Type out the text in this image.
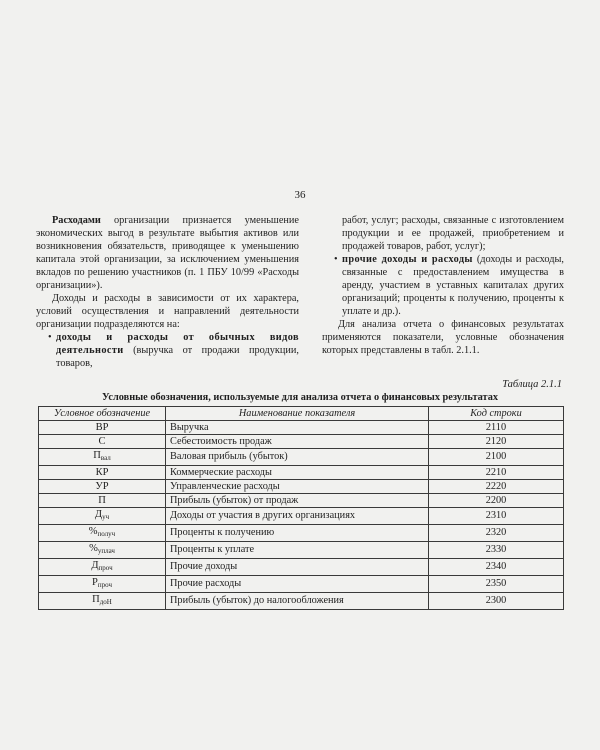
36

Расходами организации признается уменьшение экономических выгод в результате выбытия активов или возникновения обязательств, приводящее к уменьшению капитала этой организации, за исключением уменьшения вкладов по решению участников (п. 1 ПБУ 10/99 «Расходы организации»).

Доходы и расходы в зависимости от их характера, условий осуществления и направлений деятельности организации подразделяются на:

• доходы и расходы от обычных видов деятельности (выручка от продажи продукции, товаров,

работ, услуг; расходы, связанные с изготовлением продукции и ее продажей, приобретением и продажей товаров, работ, услуг);

• прочие доходы и расходы (доходы и расходы, связанные с предоставлением имущества в аренду, участием в уставных капиталах других организаций; проценты к получению, проценты к уплате и др.).

Для анализа отчета о финансовых результатах применяются показатели, условные обозначения которых представлены в табл. 2.1.1.

Таблица 2.1.1
Условные обозначения, используемые для анализа отчета о финансовых результатах
Условное обозначение	Наименование показателя	Код строки
ВР	Выручка	2110
С	Себестоимость продаж	2120
Пвал	Валовая прибыль (убыток)	2100
КР	Коммерческие расходы	2210
УР	Управленческие расходы	2220
П	Прибыль (убыток) от продаж	2200
Дуч	Доходы от участия в других организациях	2310
%получ	Проценты к получению	2320
%уплач	Проценты к уплате	2330
Дпроч	Прочие доходы	2340
Рпроч	Прочие расходы	2350
ПдоН	Прибыль (убыток) до налогообложения	2300
